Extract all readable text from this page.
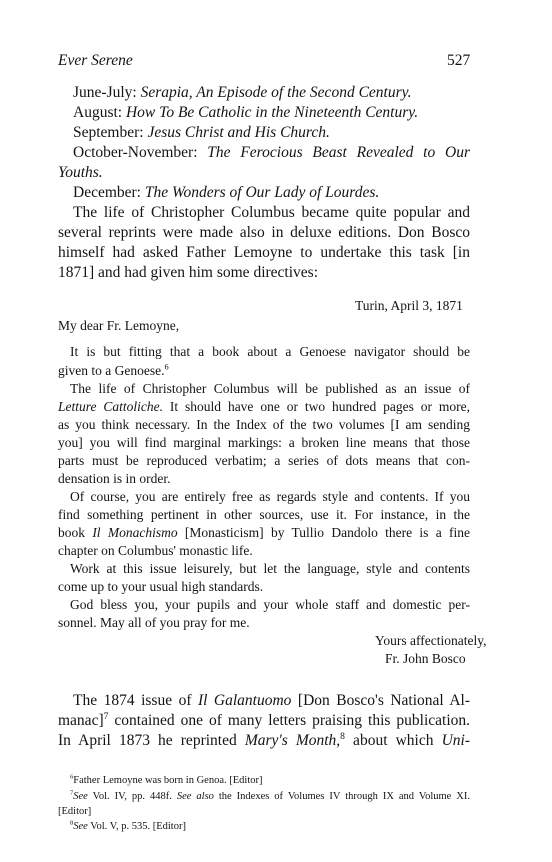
Ever Serene	527
June-July: Serapia, An Episode of the Second Century.
August: How To Be Catholic in the Nineteenth Century.
September: Jesus Christ and His Church.
October-November: The Ferocious Beast Revealed to Our
Youths.
December: The Wonders of Our Lady of Lourdes.
The life of Christopher Columbus became quite popular and
several reprints were made also in deluxe editions. Don Bosco
himself had asked Father Lemoyne to undertake this task [in
1871] and had given him some directives:
Turin, April 3, 1871
My dear Fr. Lemoyne,
It is but fitting that a book about a Genoese navigator should be
given to a Genoese.$^6$
The life of Christopher Columbus will be published as an issue of
Letture Cattoliche. It should have one or two hundred pages or more,
as you think necessary. In the Index of the two volumes [I am sending
you] you will find marginal markings: a broken line means that those
parts must be reproduced verbatim; a series of dots means that con-
densation is in order.
Of course, you are entirely free as regards style and contents. If you
find something pertinent in other sources, use it. For instance, in the
book Il Monachismo [Monasticism] by Tullio Dandolo there is a fine
chapter on Columbus' monastic life.
Work at this issue leisurely, but let the language, style and contents
come up to your usual high standards.
God bless you, your pupils and your whole staff and domestic per-
sonnel. May all of you pray for me.
Yours affectionately,
Fr. John Bosco
The 1874 issue of Il Galantuomo [Don Bosco's National Al-
manac]$^7$ contained one of many letters praising this publication.
In April 1873 he reprinted Mary's Month,$^8$ about which Uni-
$^6$Father Lemoyne was born in Genoa. [Editor]
$^7$See Vol. IV, pp. 448f. See also the Indexes of Volumes IV through IX and Volume XI.
[Editor]
$^8$See Vol. V, p. 535. [Editor]
